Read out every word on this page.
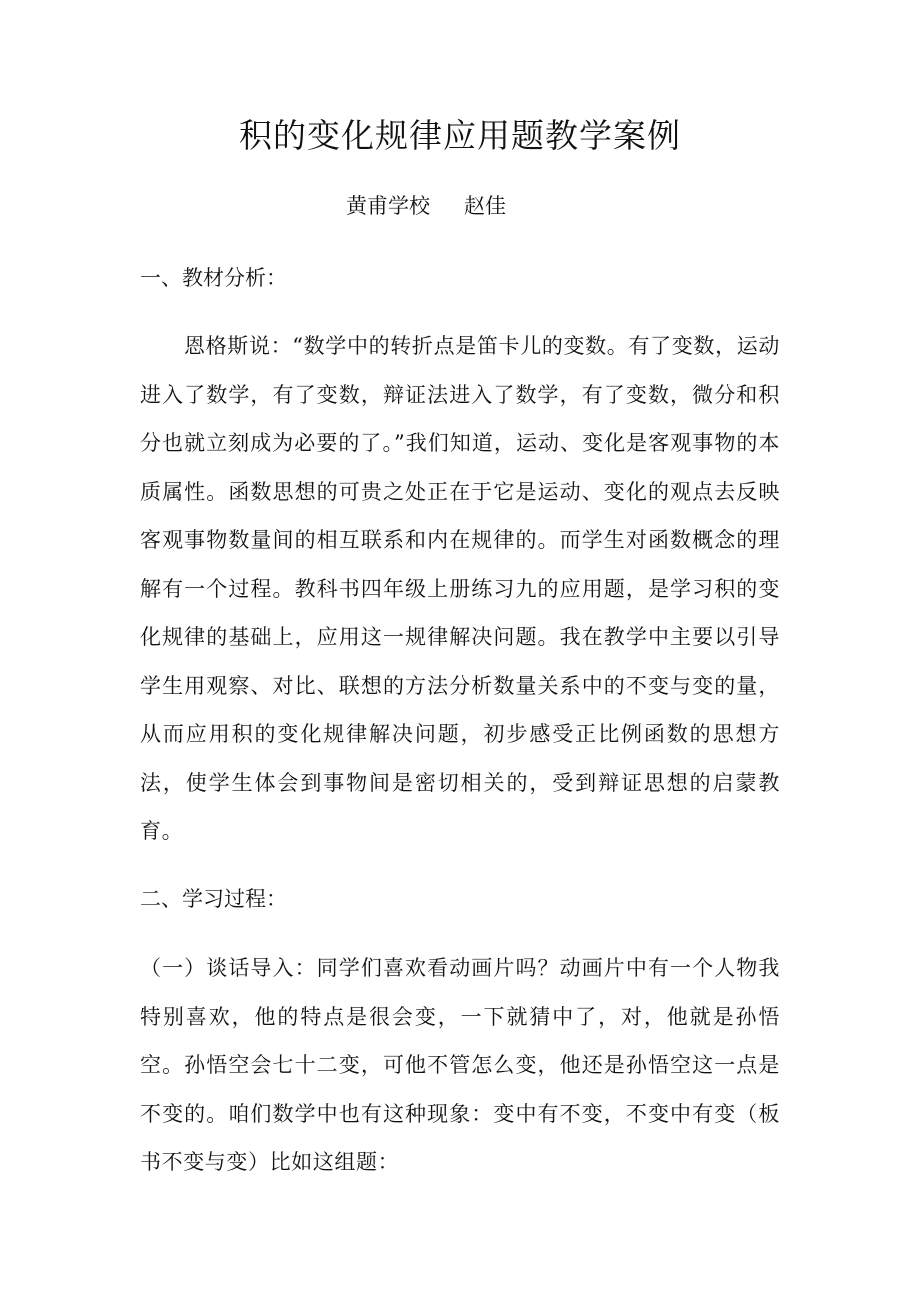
积的变化规律应用题教学案例
黄甫学校 赵佳
一、教材分析：

恩格斯说：“数学中的转折点是笛卡儿的变数。有了变数，运动进入了数学，有了变数，辩证法进入了数学，有了变数，微分和积分也就立刻成为必要的了。”我们知道，运动、变化是客观事物的本质属性。函数思想的可贵之处正在于它是运动、变化的观点去反映客观事物数量间的相互联系和内在规律的。而学生对函数概念的理解有一个过程。教科书四年级上册练习九的应用题，是学习积的变化规律的基础上，应用这一规律解决问题。我在教学中主要以引导学生用观察、对比、联想的方法分析数量关系中的不变与变的量，从而应用积的变化规律解决问题，初步感受正比例函数的思想方法，使学生体会到事物间是密切相关的，受到辩证思想的启蒙教育。

二、学习过程：

（一）谈话导入：同学们喜欢看动画片吗？动画片中有一个人物我特别喜欢，他的特点是很会变，一下就猜中了，对，他就是孙悟空。孙悟空会七十二变，可他不管怎么变，他还是孙悟空这一点是不变的。咱们数学中也有这种现象：变中有不变，不变中有变（板书不变与变）比如这组题：
